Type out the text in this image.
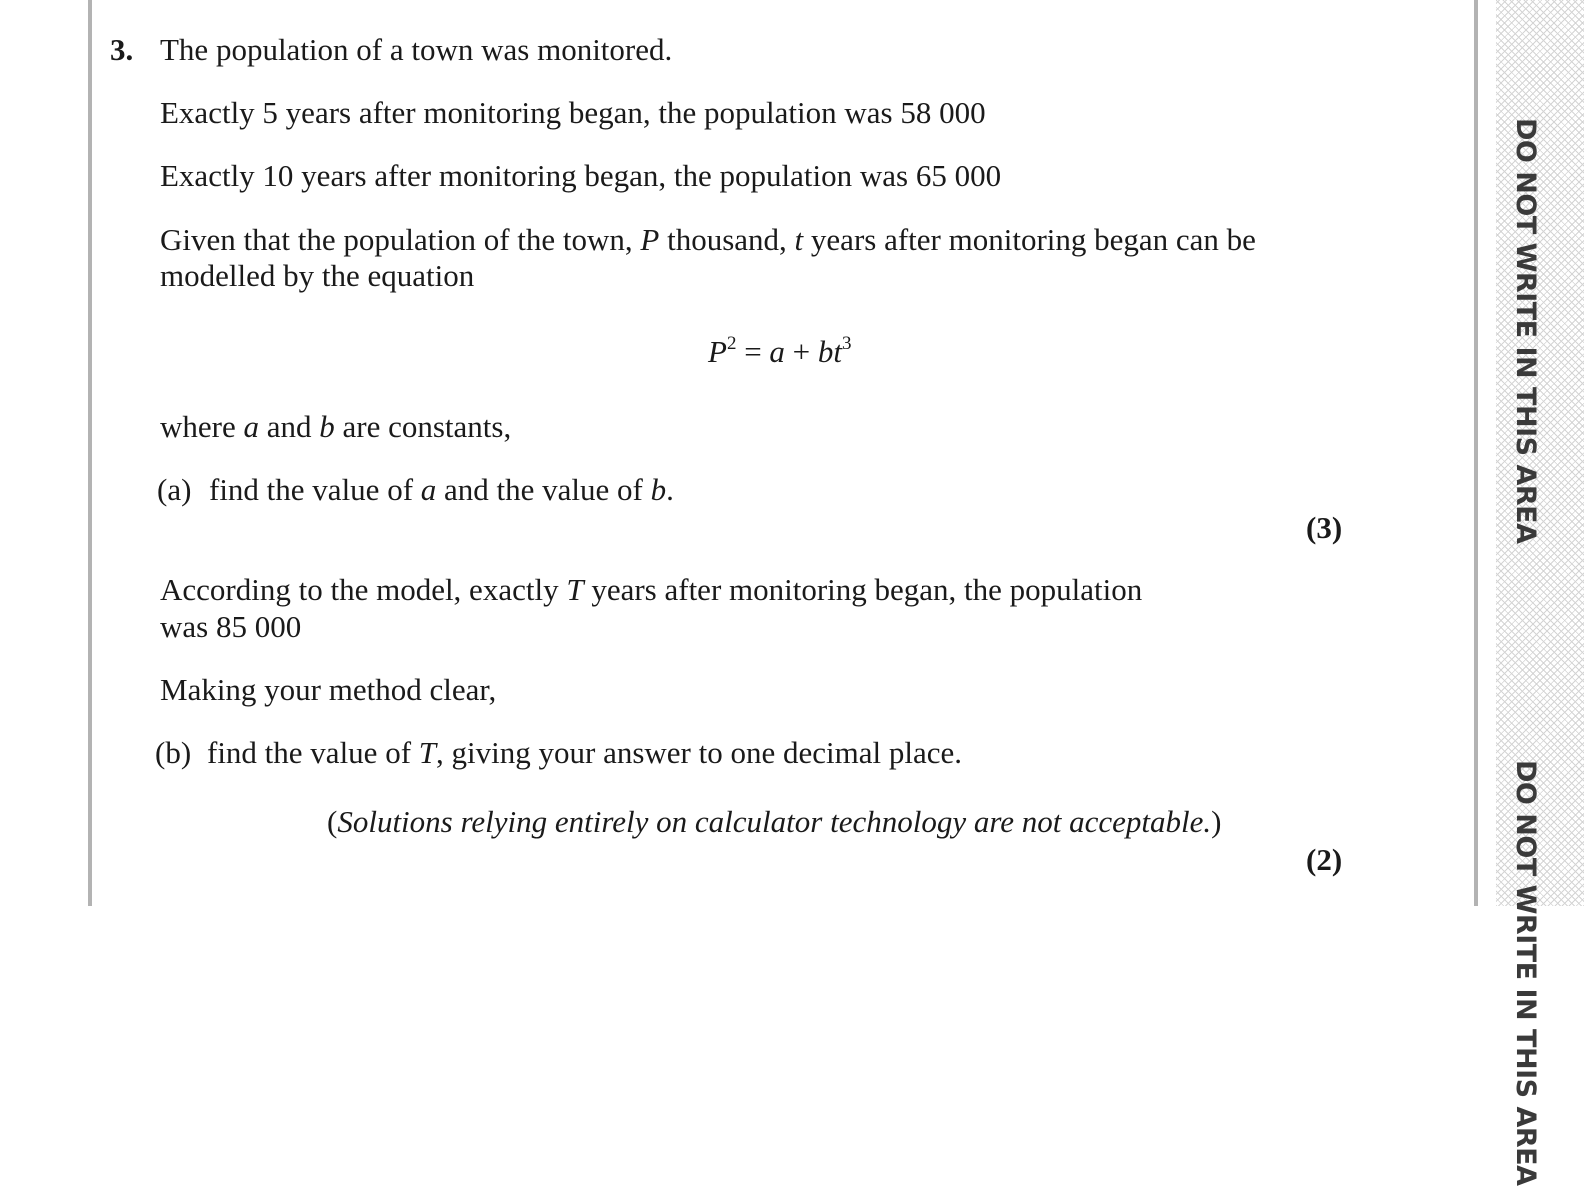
DO NOT WRITE IN THIS AREA
DO NOT WRITE IN THIS AREA
3. The population of a town was monitored.
Exactly 5 years after monitoring began, the population was 58 000
Exactly 10 years after monitoring began, the population was 65 000
Given that the population of the town, P thousand, t years after monitoring began can be
modelled by the equation
$P^2 = a + bt^3$
where a and b are constants,
(a) find the value of a and the value of b.
(3)
According to the model, exactly T years after monitoring began, the population
was 85 000
Making your method clear,
(b) find the value of T, giving your answer to one decimal place.
(Solutions relying entirely on calculator technology are not acceptable.)
(2)
